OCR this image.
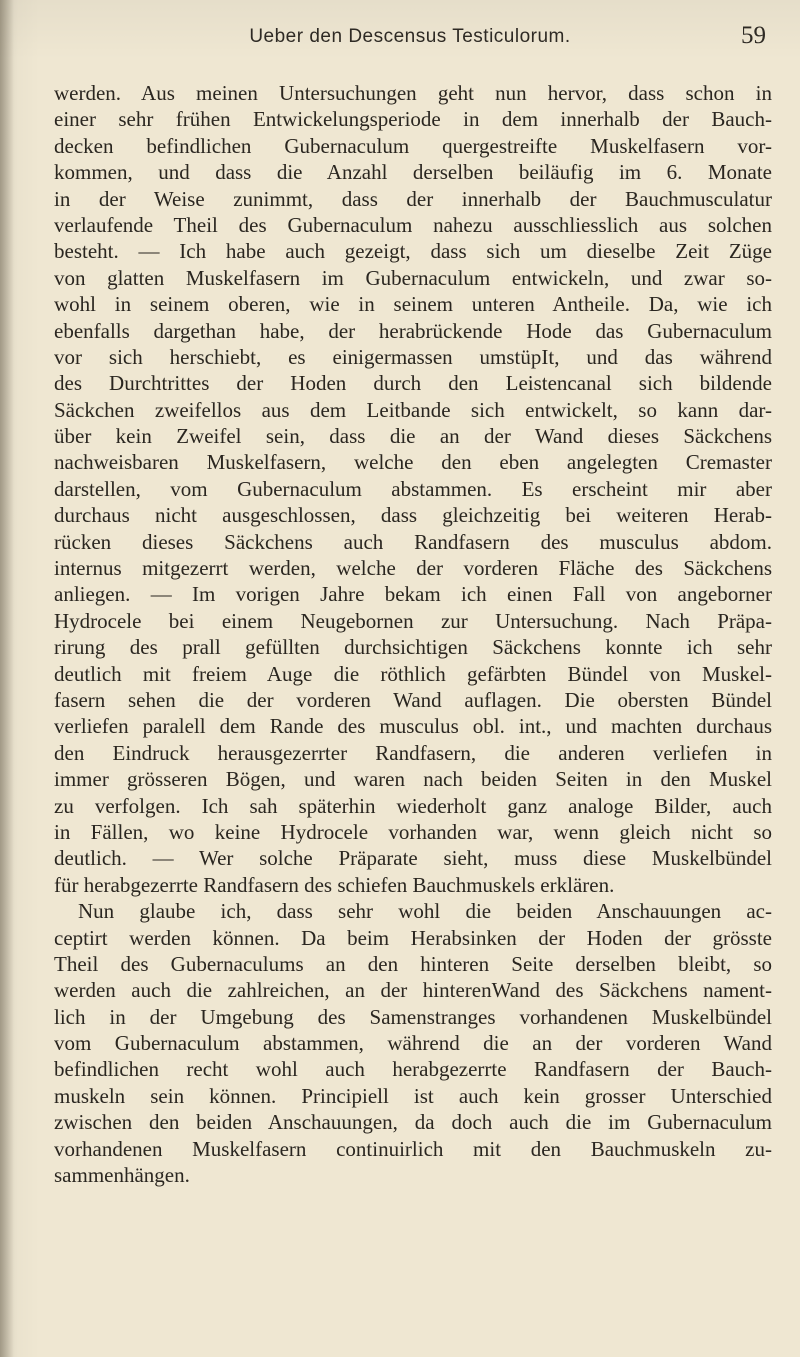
Ueber den Descensus Testiculorum.	59
werden. Aus meinen Untersuchungen geht nun hervor, dass schon in
einer sehr frühen Entwickelungsperiode in dem innerhalb der Bauch-
decken befindlichen Gubernaculum quergestreifte Muskelfasern vor-
kommen, und dass die Anzahl derselben beiläufig im 6. Monate
in der Weise zunimmt, dass der innerhalb der Bauchmusculatur
verlaufende Theil des Gubernaculum nahezu ausschliesslich aus solchen
besteht. — Ich habe auch gezeigt, dass sich um dieselbe Zeit Züge
von glatten Muskelfasern im Gubernaculum entwickeln, und zwar so-
wohl in seinem oberen, wie in seinem unteren Antheile. Da, wie ich
ebenfalls dargethan habe, der herabrückende Hode das Gubernaculum
vor sich herschiebt, es einigermassen umstüpIt, und das während
des Durchtrittes der Hoden durch den Leistencanal sich bildende
Säckchen zweifellos aus dem Leitbande sich entwickelt, so kann dar-
über kein Zweifel sein, dass die an der Wand dieses Säckchens
nachweisbaren Muskelfasern, welche den eben angelegten Cremaster
darstellen, vom Gubernaculum abstammen. Es erscheint mir aber
durchaus nicht ausgeschlossen, dass gleichzeitig bei weiteren Herab-
rücken dieses Säckchens auch Randfasern des musculus abdom.
internus mitgezerrt werden, welche der vorderen Fläche des Säckchens
anliegen. — Im vorigen Jahre bekam ich einen Fall von angeborner
Hydrocele bei einem Neugebornen zur Untersuchung. Nach Präpa-
rirung des prall gefüllten durchsichtigen Säckchens konnte ich sehr
deutlich mit freiem Auge die röthlich gefärbten Bündel von Muskel-
fasern sehen die der vorderen Wand auflagen. Die obersten Bündel
verliefen paralell dem Rande des musculus obl. int., und machten durchaus
den Eindruck herausgezerrter Randfasern, die anderen verliefen in
immer grösseren Bögen, und waren nach beiden Seiten in den Muskel
zu verfolgen. Ich sah späterhin wiederholt ganz analoge Bilder, auch
in Fällen, wo keine Hydrocele vorhanden war, wenn gleich nicht so
deutlich. — Wer solche Präparate sieht, muss diese Muskelbündel
für herabgezerrte Randfasern des schiefen Bauchmuskels erklären.
Nun glaube ich, dass sehr wohl die beiden Anschauungen ac-
ceptirt werden können. Da beim Herabsinken der Hoden der grösste
Theil des Gubernaculums an den hinteren Seite derselben bleibt, so
werden auch die zahlreichen, an der hinterenWand des Säckchens nament-
lich in der Umgebung des Samenstranges vorhandenen Muskelbündel
vom Gubernaculum abstammen, während die an der vorderen Wand
befindlichen recht wohl auch herabgezerrte Randfasern der Bauch-
muskeln sein können. Principiell ist auch kein grosser Unterschied
zwischen den beiden Anschauungen, da doch auch die im Gubernaculum
vorhandenen Muskelfasern continuirlich mit den Bauchmuskeln zu-
sammenhängen.
